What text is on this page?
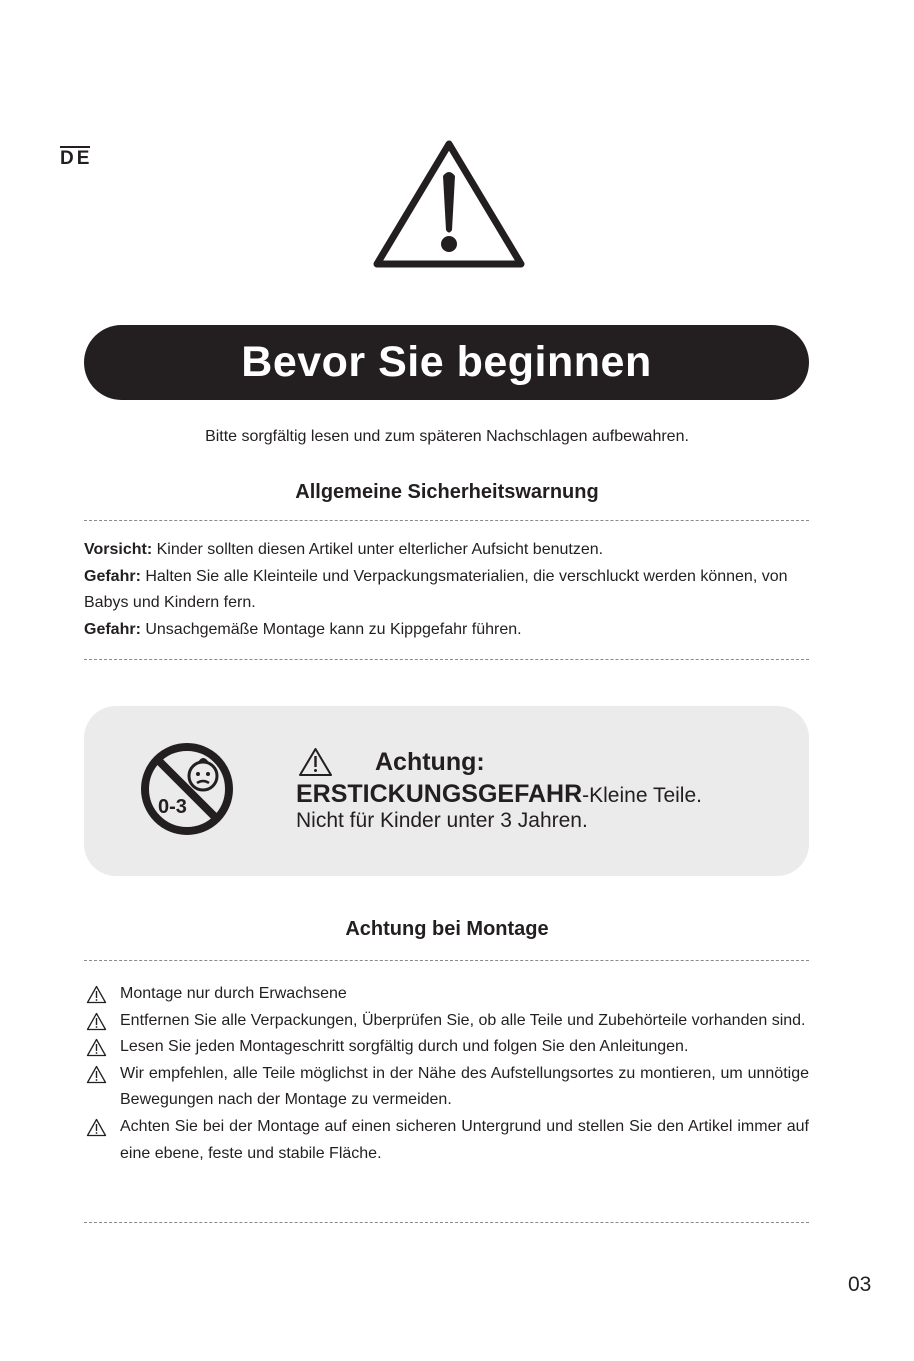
DE
Bevor Sie beginnen
Bitte sorgfältig lesen und zum späteren Nachschlagen aufbewahren.
Allgemeine Sicherheitswarnung

Vorsicht: Kinder sollten diesen Artikel unter elterlicher Aufsicht benutzen.

Gefahr: Halten Sie alle Kleinteile und Verpackungsmaterialien, die verschluckt werden können, von Babys und Kindern fern.

Gefahr: Unsachgemäße Montage kann zu Kippgefahr führen.

0-3
Achtung:
ERSTICKUNGSGEFAHR-Kleine Teile.
Nicht für Kinder unter 3 Jahren.
Achtung bei Montage
Montage nur durch Erwachsene
Entfernen Sie alle Verpackungen, Überprüfen Sie, ob alle Teile und Zubehörteile vorhanden sind.
Lesen Sie jeden Montageschritt sorgfältig durch und folgen Sie den Anleitungen.
Wir empfehlen, alle Teile möglichst in der Nähe des Aufstellungsortes zu montieren, um unnötige Bewegungen nach der Montage zu vermeiden.
Achten Sie bei der Montage auf einen sicheren Untergrund und stellen Sie den Artikel immer auf eine ebene, feste und stabile Fläche.
03
